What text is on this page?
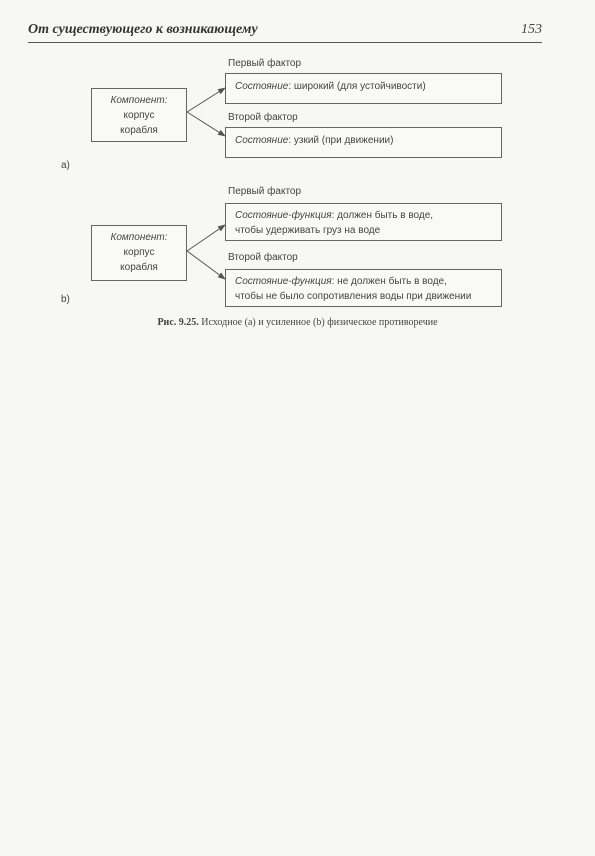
От существующего к возникающему	153
Компонент:
корпус
корабля
Первый фактор
Состояние: широкий (для устойчивости)
Второй фактор
Состояние: узкий (при движении)
a)
Компонент:
корпус
корабля
Первый фактор
Состояние-функция: должен быть в воде,
чтобы удерживать груз на воде
Второй фактор
Состояние-функция: не должен быть в воде,
чтобы не было сопротивления воды при движении
b)
Рис. 9.25. Исходное (а) и усиленное (b) физическое противоречие
